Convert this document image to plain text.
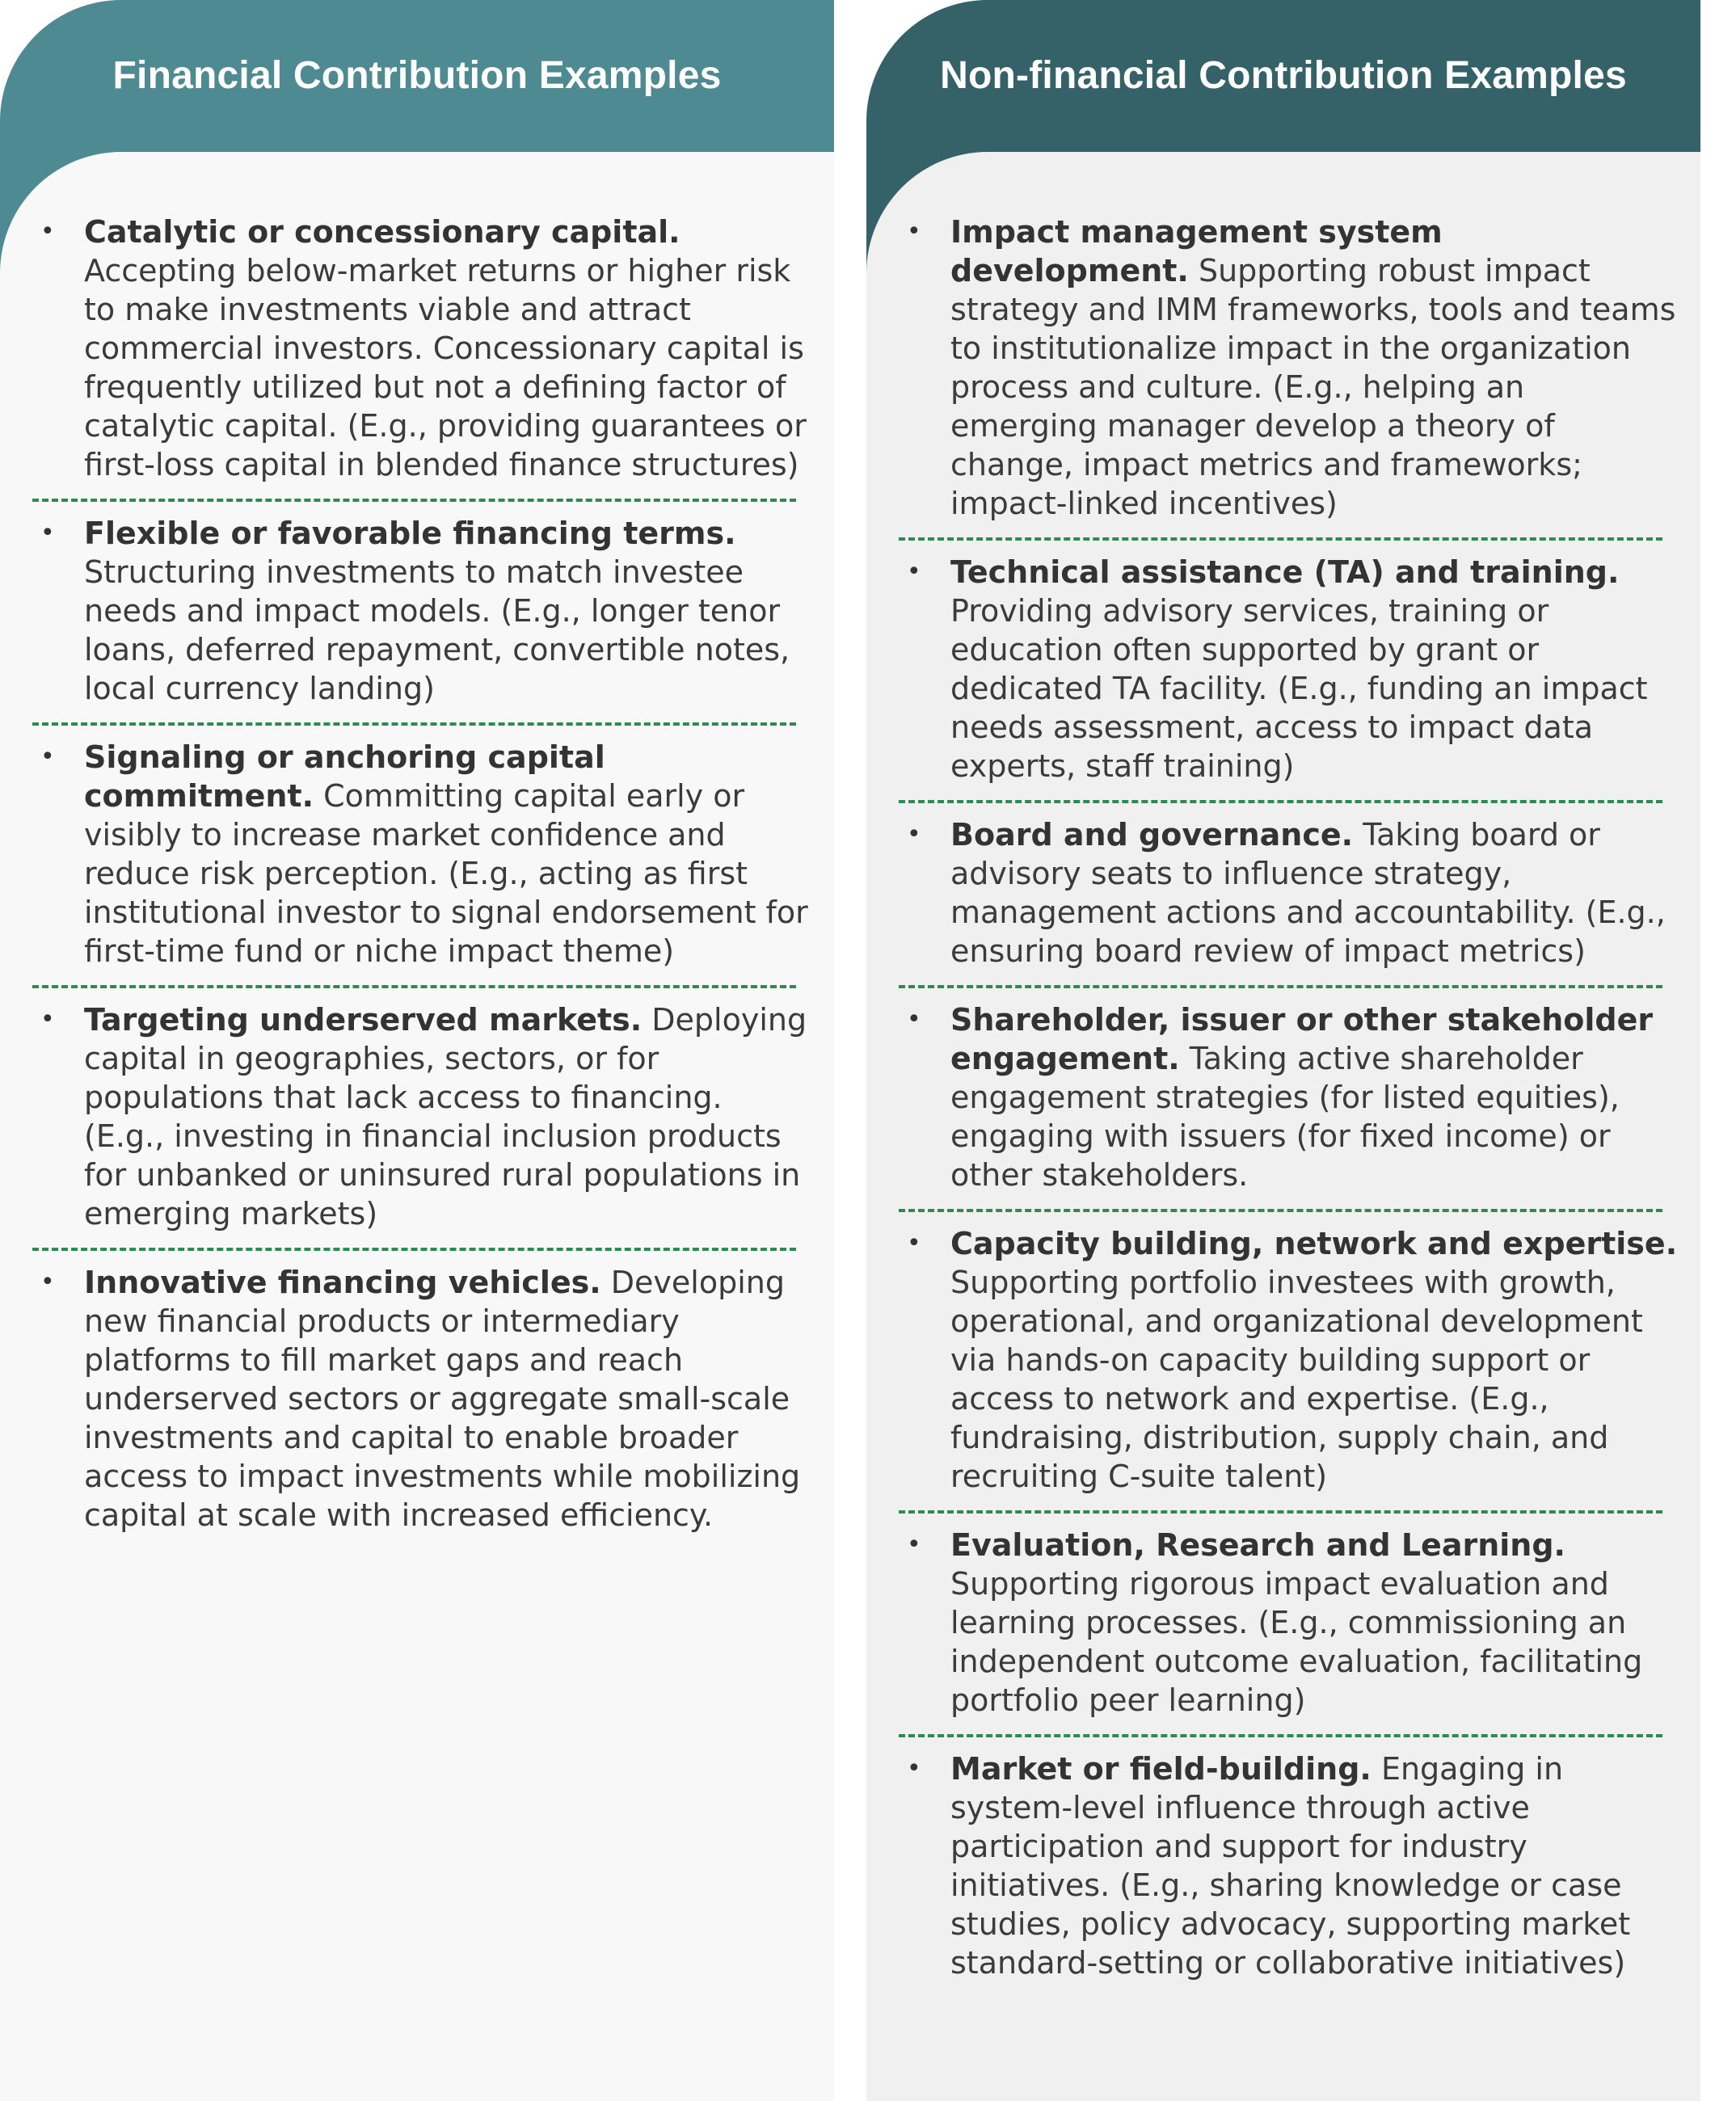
Financial Contribution Examples	Non-financial Contribution Examples
• Catalytic or concessionary capital. Accepting below-market returns or higher risk to make investments viable and attract commercial investors. Concessionary capital is frequently utilized but not a defining factor of catalytic capital. (E.g., providing guarantees or first-loss capital in blended finance structures)
• Flexible or favorable financing terms. Structuring investments to match investee needs and impact models. (E.g., longer tenor loans, deferred repayment, convertible notes, local currency landing)
• Signaling or anchoring capital commitment. Committing capital early or visibly to increase market confidence and reduce risk perception. (E.g., acting as first institutional investor to signal endorsement for first-time fund or niche impact theme)
• Targeting underserved markets. Deploying capital in geographies, sectors, or for populations that lack access to financing. (E.g., investing in financial inclusion products for unbanked or uninsured rural populations in emerging markets)
• Innovative financing vehicles. Developing new financial products or intermediary platforms to fill market gaps and reach underserved sectors or aggregate small-scale investments and capital to enable broader access to impact investments while mobilizing capital at scale with increased efficiency.
• Impact management system development. Supporting robust impact strategy and IMM frameworks, tools and teams to institutionalize impact in the organization process and culture. (E.g., helping an emerging manager develop a theory of change, impact metrics and frameworks; impact-linked incentives)
• Technical assistance (TA) and training. Providing advisory services, training or education often supported by grant or dedicated TA facility. (E.g., funding an impact needs assessment, access to impact data experts, staff training)
• Board and governance. Taking board or advisory seats to influence strategy, management actions and accountability. (E.g., ensuring board review of impact metrics)
• Shareholder, issuer or other stakeholder engagement. Taking active shareholder engagement strategies (for listed equities), engaging with issuers (for fixed income) or other stakeholders.
• Capacity building, network and expertise. Supporting portfolio investees with growth, operational, and organizational development via hands-on capacity building support or access to network and expertise. (E.g., fundraising, distribution, supply chain, and recruiting C-suite talent)
• Evaluation, Research and Learning. Supporting rigorous impact evaluation and learning processes. (E.g., commissioning an independent outcome evaluation, facilitating portfolio peer learning)
• Market or field-building. Engaging in system-level influence through active participation and support for industry initiatives. (E.g., sharing knowledge or case studies, policy advocacy, supporting market standard-setting or collaborative initiatives)
